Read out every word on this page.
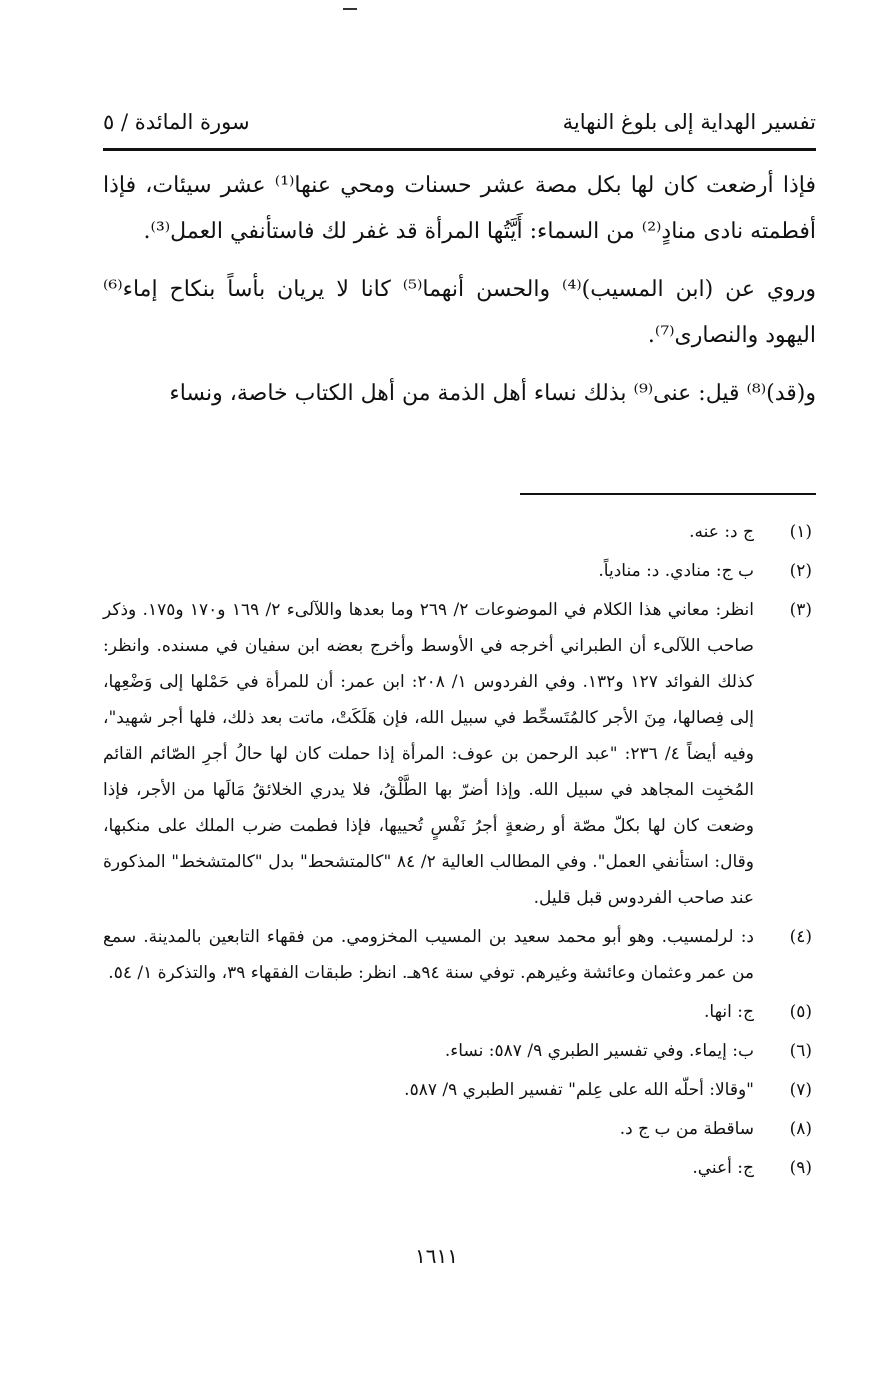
تفسير الهداية إلى بلوغ النهاية
سورة المائدة / ٥

فإذا أرضعت كان لها بكل مصة عشر حسنات ومحي عنها⁽¹⁾ عشر سيئات، فإذا أفطمته نادى منادٍ⁽²⁾ من السماء: أَيَّتُها المرأة قد غفر لك فاستأنفي العمل⁽³⁾.

وروي عن (ابن المسيب)⁽⁴⁾ والحسن أنهما⁽⁵⁾ كانا لا يريان بأساً بنكاح إماء⁽⁶⁾ اليهود والنصارى⁽⁷⁾.

و(قد)⁽⁸⁾ قيل: عنى⁽⁹⁾ بذلك نساء أهل الذمة من أهل الكتاب خاصة، ونساء

(١)
ج د: عنه.
(٢)
ب ج: منادي. د: منادياً.
(٣)
انظر: معاني هذا الكلام في الموضوعات ٢/ ٢٦٩ وما بعدها واللآلىء ٢/ ١٦٩ و١٧٠ و١٧٥. وذكر صاحب اللآلىء أن الطبراني أخرجه في الأوسط وأخرج بعضه ابن سفيان في مسنده. وانظر: كذلك الفوائد ١٢٧ و١٣٢. وفي الفردوس ١/ ٢٠٨: ابن عمر: أن للمرأة في حَمْلها إلى وَضْعِها، إلى فِصالها، مِنَ الأجر كالمُتَسحِّط في سبيل الله، فإن هَلَكَتْ، ماتت بعد ذلك، فلها أجر شهيد"، وفيه أيضاً ٤/ ٢٣٦: "عبد الرحمن بن عوف: المرأة إذا حملت كان لها حالُ أجرِ الصّائم القائم المُخبِت المجاهد في سبيل الله. وإذا أضرّ بها الطَّلْقُ، فلا يدري الخلائقُ مَالَها من الأجر، فإذا وضعت كان لها بكلّ مصّة أو رضعةٍ أجرُ نَفْسٍ تُحييها، فإذا فطمت ضرب الملك على منكبها، وقال: استأنفي العمل". وفي المطالب العالية ٢/ ٨٤ "كالمتشحط" بدل "كالمتشخط" المذكورة عند صاحب الفردوس قبل قليل.
(٤)
د: لرلمسيب. وهو أبو محمد سعيد بن المسيب المخزومي. من فقهاء التابعين بالمدينة. سمع من عمر وعثمان وعائشة وغيرهم. توفي سنة ٩٤هـ. انظر: طبقات الفقهاء ٣٩، والتذكرة ١/ ٥٤.
(٥)
ج: انها.
(٦)
ب: إيماء. وفي تفسير الطبري ٩/ ٥٨٧: نساء.
(٧)
"وقالا: أحلّه الله على عِلم" تفسير الطبري ٩/ ٥٨٧.
(٨)
ساقطة من ب ج د.
(٩)
ج: أعني.
١٦١١
